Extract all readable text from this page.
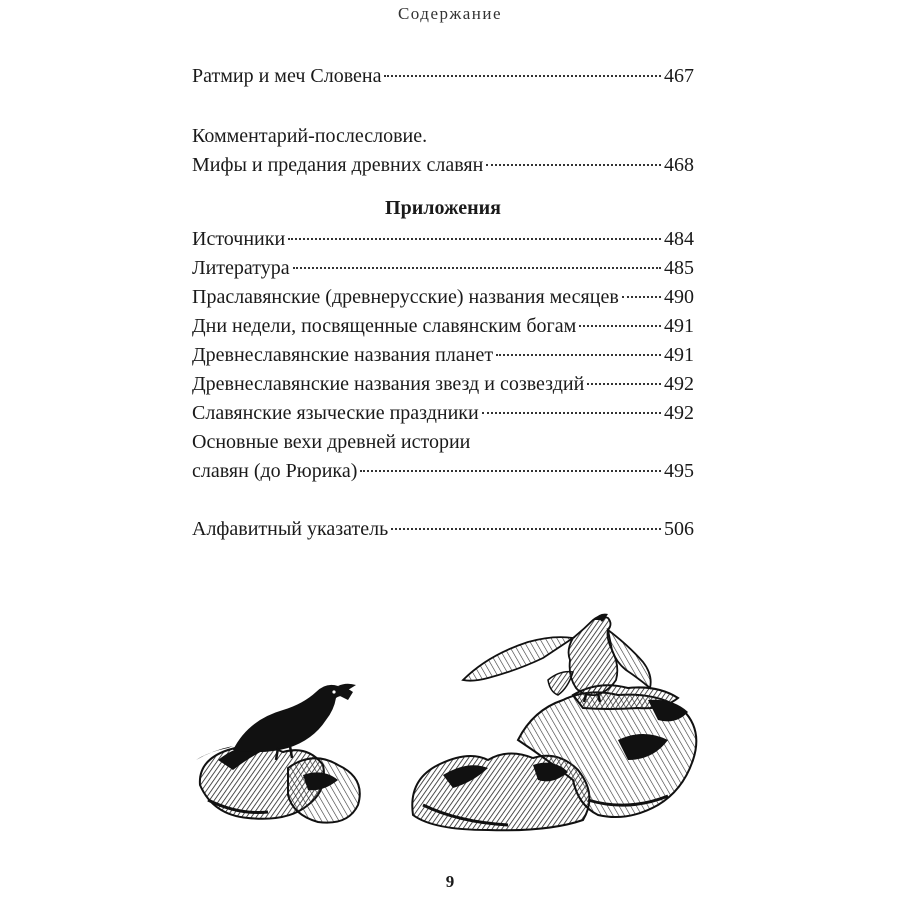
Содержание
Ратмир и меч Словена	467
Комментарий-послесловие.
Мифы и предания древних славян	468
Приложения
Источники	484
Литература	485
Праславянские (древнерусские) названия месяцев 490
Дни недели, посвященные славянским богам	491
Древнеславянские названия планет	491
Древнеславянские названия звезд и созвездий	492
Славянские языческие праздники	492
Основные вехи древней истории
славян (до Рюрика)	495
Алфавитный указатель	506
9
